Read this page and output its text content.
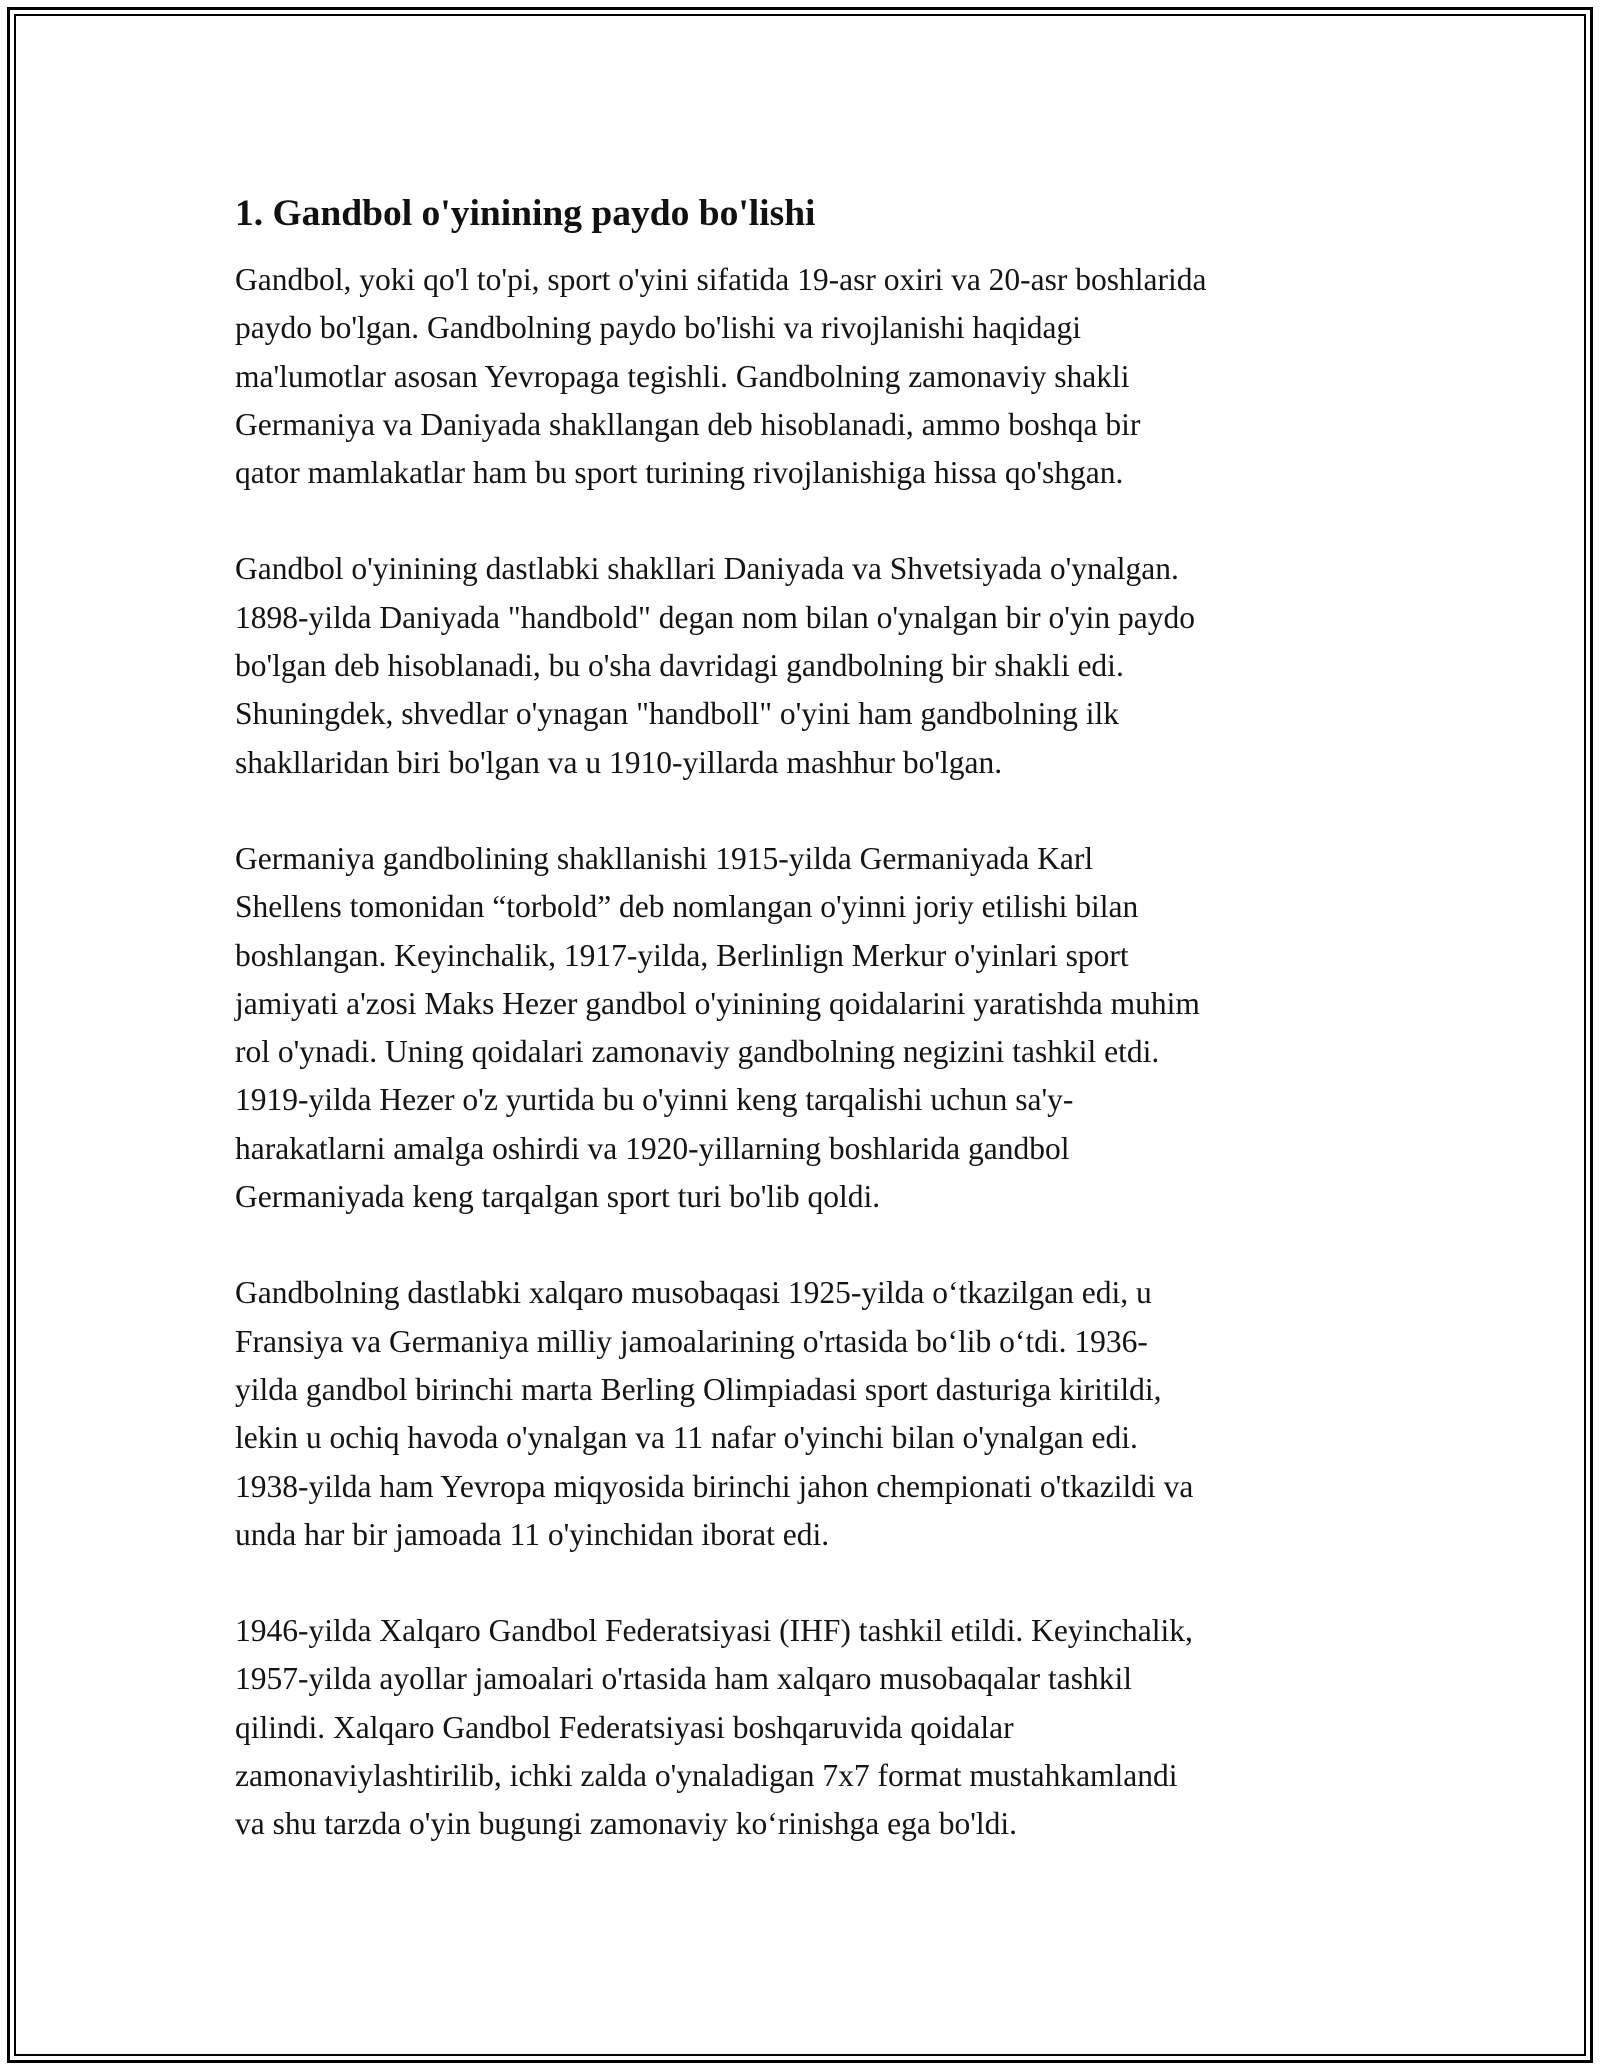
1. Gandbol o'yinining paydo bo'lishi

Gandbol, yoki qo'l to'pi, sport o'yini sifatida 19-asr oxiri va 20-asr boshlarida
paydo bo'lgan. Gandbolning paydo bo'lishi va rivojlanishi haqidagi
ma'lumotlar asosan Yevropaga tegishli. Gandbolning zamonaviy shakli
Germaniya va Daniyada shakllangan deb hisoblanadi, ammo boshqa bir
qator mamlakatlar ham bu sport turining rivojlanishiga hissa qo'shgan.

Gandbol o'yinining dastlabki shakllari Daniyada va Shvetsiyada o'ynalgan.
1898-yilda Daniyada "handbold" degan nom bilan o'ynalgan bir o'yin paydo
bo'lgan deb hisoblanadi, bu o'sha davridagi gandbolning bir shakli edi.
Shuningdek, shvedlar o'ynagan "handboll" o'yini ham gandbolning ilk
shakllaridan biri bo'lgan va u 1910-yillarda mashhur bo'lgan.

Germaniya gandbolining shakllanishi 1915-yilda Germaniyada Karl
Shellens tomonidan “torbold” deb nomlangan o'yinni joriy etilishi bilan
boshlangan. Keyinchalik, 1917-yilda, Berlinlign Merkur o'yinlari sport
jamiyati a'zosi Maks Hezer gandbol o'yinining qoidalarini yaratishda muhim
rol o'ynadi. Uning qoidalari zamonaviy gandbolning negizini tashkil etdi.
1919-yilda Hezer o'z yurtida bu o'yinni keng tarqalishi uchun sa'y-
harakatlarni amalga oshirdi va 1920-yillarning boshlarida gandbol
Germaniyada keng tarqalgan sport turi bo'lib qoldi.

Gandbolning dastlabki xalqaro musobaqasi 1925-yilda o‘tkazilgan edi, u
Fransiya va Germaniya milliy jamoalarining o'rtasida bo‘lib o‘tdi. 1936-
yilda gandbol birinchi marta Berling Olimpiadasi sport dasturiga kiritildi,
lekin u ochiq havoda o'ynalgan va 11 nafar o'yinchi bilan o'ynalgan edi.
1938-yilda ham Yevropa miqyosida birinchi jahon chempionati o'tkazildi va
unda har bir jamoada 11 o'yinchidan iborat edi.

1946-yilda Xalqaro Gandbol Federatsiyasi (IHF) tashkil etildi. Keyinchalik,
1957-yilda ayollar jamoalari o'rtasida ham xalqaro musobaqalar tashkil
qilindi. Xalqaro Gandbol Federatsiyasi boshqaruvida qoidalar
zamonaviylashtirilib, ichki zalda o'ynaladigan 7x7 format mustahkamlandi
va shu tarzda o'yin bugungi zamonaviy ko‘rinishga ega bo'ldi.
